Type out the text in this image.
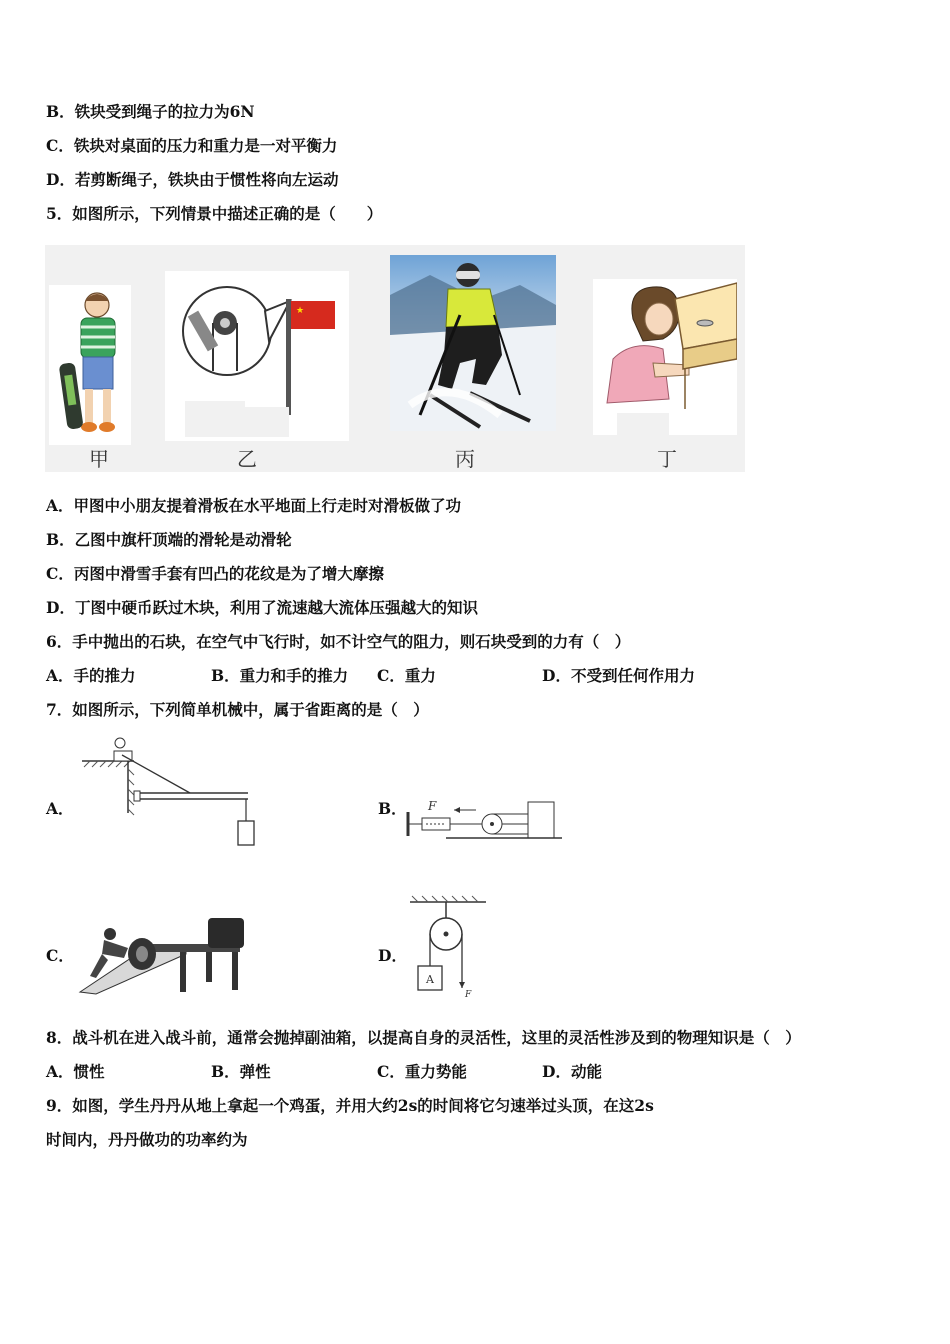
B．铁块受到绳子的拉力为6N
C．铁块对桌面的压力和重力是一对平衡力
D．若剪断绳子，铁块由于惯性将向左运动
5．如图所示，下列情景中描述正确的是（　　）
甲
★
乙	丙	丁
A．甲图中小朋友提着滑板在水平地面上行走时对滑板做了功
B．乙图中旗杆顶端的滑轮是动滑轮
C．丙图中滑雪手套有凹凸的花纹是为了增大摩擦
D．丁图中硬币跃过木块，利用了流速越大流体压强越大的知识
6．手中抛出的石块，在空气中飞行时，如不计空气的阻力，则石块受到的力有（　）
A．手的推力	B．重力和手的推力 C．重力	D．不受到任何作用力
7．如图所示，下列简单机械中，属于省距离的是（　）
A．	B． F
C．	D．
A
F
8．战斗机在进入战斗前，通常会抛掉副油箱，以提高自身的灵活性，这里的灵活性涉及到的物理知识是（　）
A．惯性	B．弹性	C．重力势能	D．动能
9．如图，学生丹丹从地上拿起一个鸡蛋，并用大约2s的时间将它匀速举过头顶，在这2s
时间内，丹丹做功的功率约为
